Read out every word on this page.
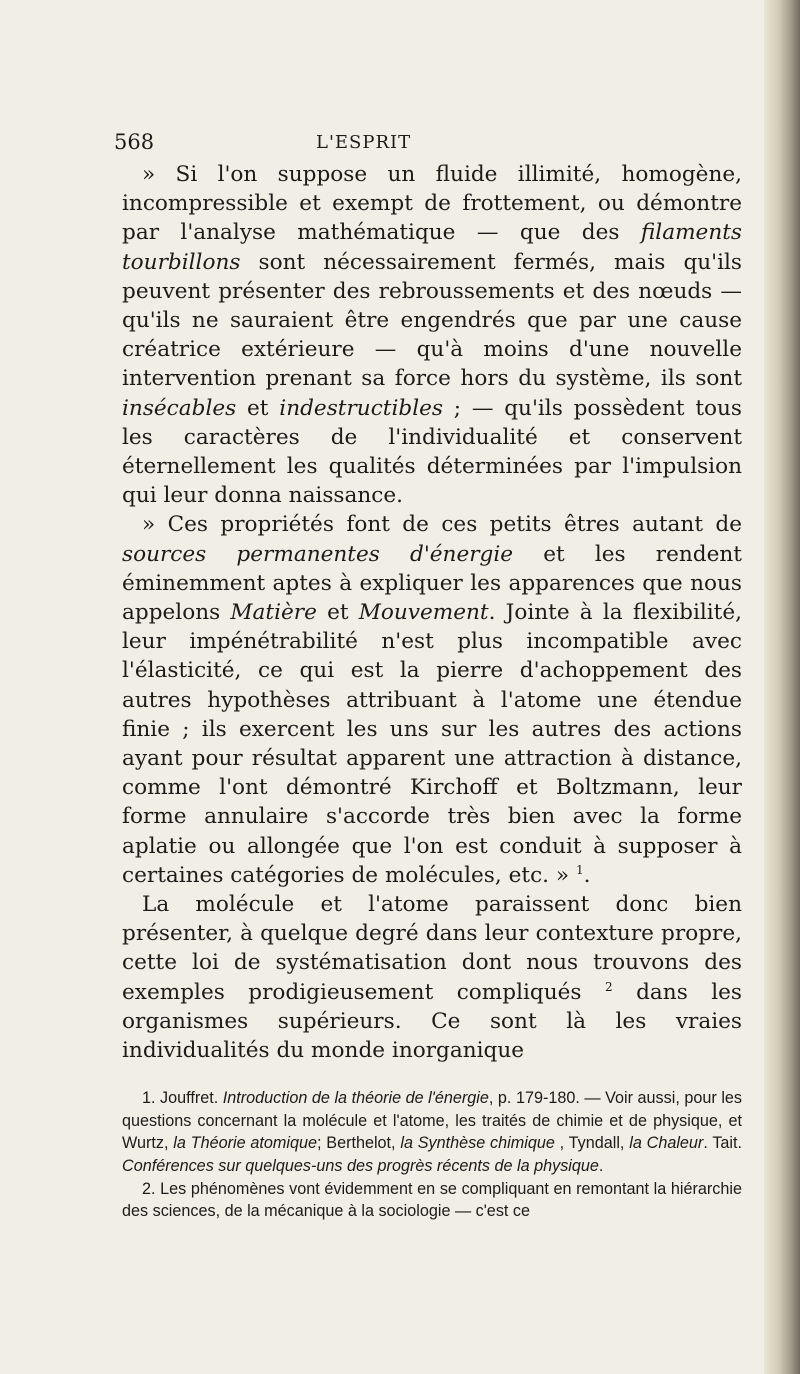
568	L'ESPRIT

» Si l'on suppose un fluide illimité, homogène, incompressible et exempt de frottement, ou démontre par l'analyse mathématique — que des filaments tourbillons sont nécessairement fermés, mais qu'ils peuvent présenter des rebroussements et des nœuds — qu'ils ne sauraient être engendrés que par une cause créatrice extérieure — qu'à moins d'une nouvelle intervention prenant sa force hors du système, ils sont insécables et indestructibles ; — qu'ils possèdent tous les caractères de l'individualité et conservent éternellement les qualités déterminées par l'impulsion qui leur donna naissance.

» Ces propriétés font de ces petits êtres autant de sources permanentes d'énergie et les rendent éminemment aptes à expliquer les apparences que nous appelons Matière et Mouvement. Jointe à la flexibilité, leur impénétrabilité n'est plus incompatible avec l'élasticité, ce qui est la pierre d'achoppement des autres hypothèses attribuant à l'atome une étendue finie ; ils exercent les uns sur les autres des actions ayant pour résultat apparent une attraction à distance, comme l'ont démontré Kirchoff et Boltzmann, leur forme annulaire s'accorde très bien avec la forme aplatie ou allongée que l'on est conduit à supposer à certaines catégories de molécules, etc. » $^1$.

La molécule et l'atome paraissent donc bien présenter, à quelque degré dans leur contexture propre, cette loi de systématisation dont nous trouvons des exemples prodigieusement compliqués $^2$ dans les organismes supérieurs. Ce sont là les vraies individualités du monde inorganique

1. Jouffret. Introduction de la théorie de l'énergie, p. 179-180. — Voir aussi, pour les questions concernant la molécule et l'atome, les traités de chimie et de physique, et Wurtz, la Théorie atomique; Berthelot, la Synthèse chimique , Tyndall, la Chaleur. Tait. Conférences sur quelques-uns des progrès récents de la physique.

2. Les phénomènes vont évidemment en se compliquant en remontant la hiérarchie des sciences, de la mécanique à la sociologie — c'est ce
